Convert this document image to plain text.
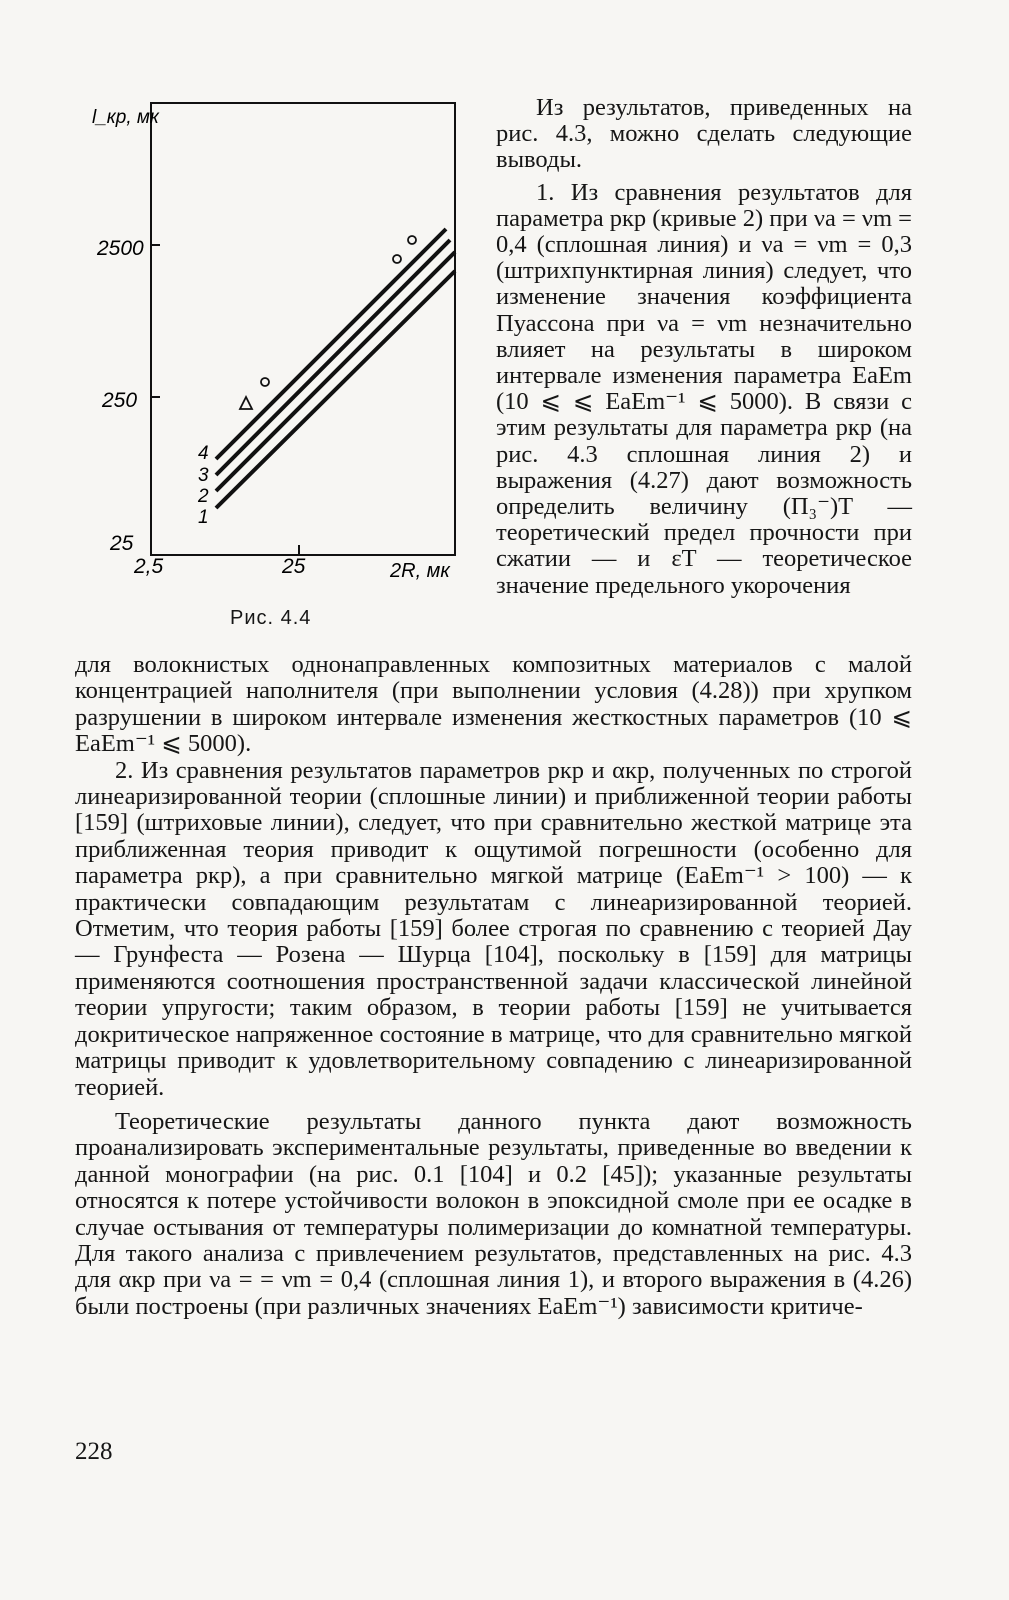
l_кр, мк
2R, мк
2500
250
25
2,5	25
4
3
2
1
Рис. 4.4

Из результатов, приведенных на рис. 4.3, можно сделать следующие выводы.

1. Из сравнения результатов для параметра pкр (кривые 2) при νa = νm = 0,4 (сплошная линия) и νa = νm = 0,3 (штрихпунктирная линия) следует, что изменение значения коэффициента Пуассона при νa = νm незначительно влияет на результаты в широком интервале изменения параметра EaEm (10 ⩽ ⩽ EaEm⁻¹ ⩽ 5000). В связи с этим результаты для параметра pкр (на рис. 4.3 сплошная линия 2) и выражения (4.27) дают возможность определить величину (П₃⁻)T — теоретический предел прочности при сжатии — и εT — теоретическое значение предельного укорочения

для волокнистых однонаправленных композитных материалов с малой концентрацией наполнителя (при выполнении условия (4.28)) при хрупком разрушении в широком интервале изменения жесткостных параметров (10 ⩽ EaEm⁻¹ ⩽ 5000).

2. Из сравнения результатов параметров pкр и αкр, полученных по строгой линеаризированной теории (сплошные линии) и приближенной теории работы [159] (штриховые линии), следует, что при сравнительно жесткой матрице эта приближенная теория приводит к ощутимой погрешности (особенно для параметра pкр), а при сравнительно мягкой матрице (EaEm⁻¹ > 100) — к практически совпадающим результатам с линеаризированной теорией. Отметим, что теория работы [159] более строгая по сравнению с теорией Дау — Грунфеста — Розена — Шурца [104], поскольку в [159] для матрицы применяются соотношения пространственной задачи классической линейной теории упругости; таким образом, в теории работы [159] не учитывается докритическое напряженное состояние в матрице, что для сравнительно мягкой матрицы приводит к удовлетворительному совпадению с линеаризированной теорией.

Теоретические результаты данного пункта дают возможность проанализировать экспериментальные результаты, приведенные во введении к данной монографии (на рис. 0.1 [104] и 0.2 [45]); указанные результаты относятся к потере устойчивости волокон в эпоксидной смоле при ее осадке в случае остывания от температуры полимеризации до комнатной температуры. Для такого анализа с привлечением результатов, представленных на рис. 4.3 для αкр при νa = = νm = 0,4 (сплошная линия 1), и второго выражения в (4.26) были построены (при различных значениях EaEm⁻¹) зависимости критиче-

228
